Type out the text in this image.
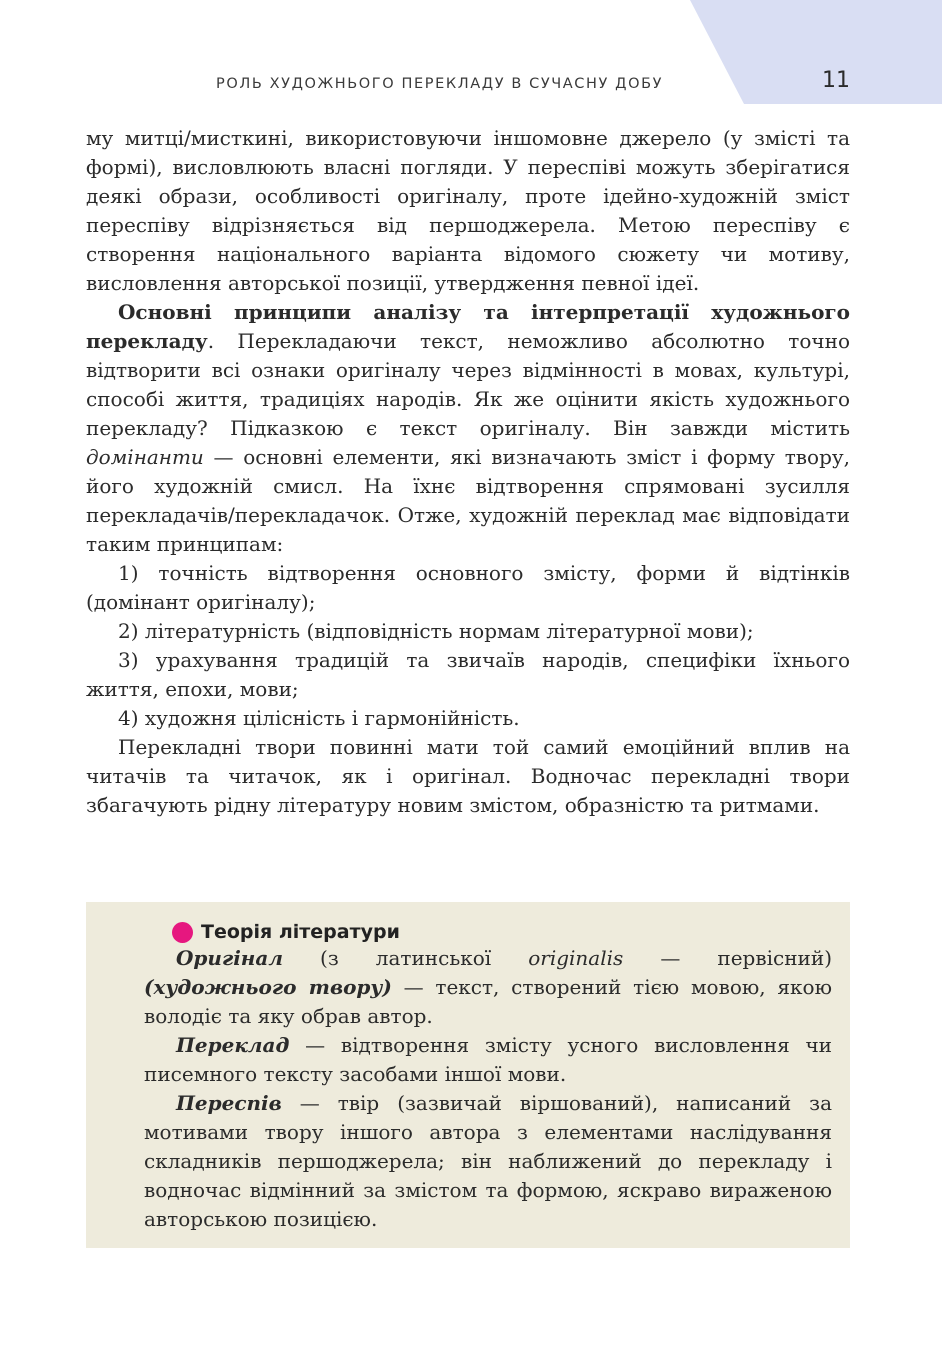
РОЛЬ ХУДОЖНЬОГО ПЕРЕКЛАДУ В СУЧАСНУ ДОБУ	11

му митці/мисткині, використовуючи іншомовне джерело (у змісті та формі), висловлюють власні погляди. У переспіві можуть зберігатися деякі образи, особливості оригіналу, проте ідейно-художній зміст переспіву відрізняється від першоджерела. Метою переспіву є створення національного варіанта відомого сюжету чи мотиву, висловлення авторської позиції, утвердження певної ідеї.

Основні принципи аналізу та інтерпретації художнього перекладу. Перекладаючи текст, неможливо абсолютно точно відтворити всі ознаки оригіналу через відмінності в мовах, культурі, способі життя, традиціях народів. Як же оцінити якість художнього перекладу? Підказкою є текст оригіналу. Він завжди містить домінанти — основні елементи, які визначають зміст і форму твору, його художній смисл. На їхнє відтворення спрямовані зусилля перекладачів/перекладачок. Отже, художній переклад має відповідати таким принципам:

1) точність відтворення основного змісту, форми й відтінків (домінант оригіналу);

2) літературність (відповідність нормам літературної мови);

3) урахування традицій та звичаїв народів, специфіки їхнього життя, епохи, мови;

4) художня цілісність і гармонійність.

Перекладні твори повинні мати той самий емоційний вплив на читачів та читачок, як і оригінал. Водночас перекладні твори збагачують рідну літературу новим змістом, образністю та ритмами.

Теорія літератури

Оригінал (з латинської originalis — первісний) (художнього твору) — текст, створений тією мовою, якою володіє та яку обрав автор.

Переклад — відтворення змісту усного висловлення чи писемного тексту засобами іншої мови.

Переспів — твір (зазвичай віршований), написаний за мотивами твору іншого автора з елементами наслідування складників першоджерела; він наближений до перекладу і водночас відмінний за змістом та формою, яскраво вираженою авторською позицією.
